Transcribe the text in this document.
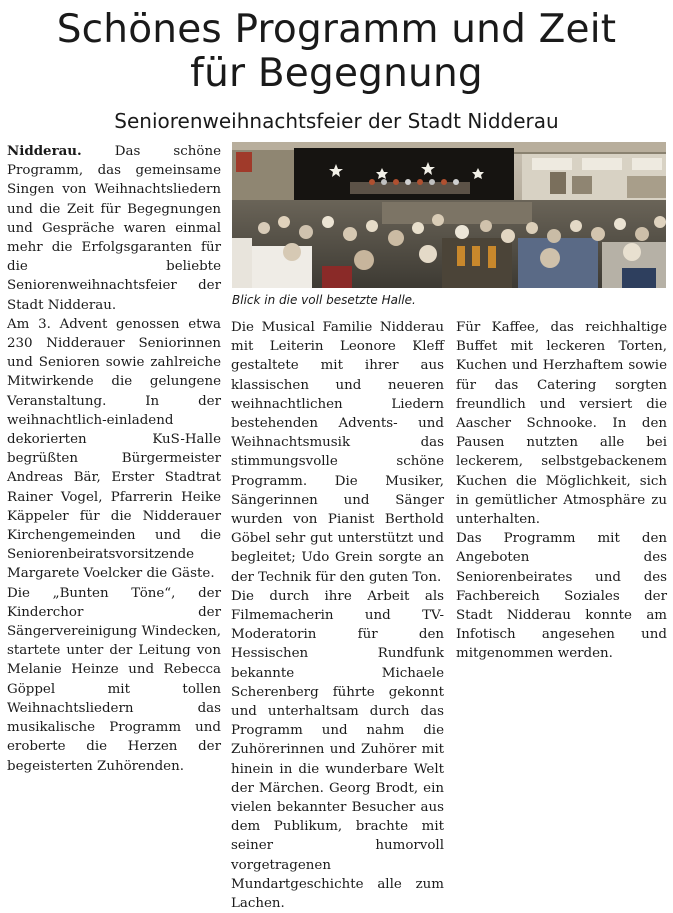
Schönes Programm und Zeit
für Begegnung
Seniorenweihnachtsfeier der Stadt Nidderau

Nidderau. Das schöne Programm, das gemeinsame Singen von Weihnachtsliedern und die Zeit für Begegnungen und Gespräche waren einmal mehr die Erfolgsgaranten für die beliebte Seniorenweihnachtsfeier der Stadt Nidderau.

Am 3. Advent genossen etwa 230 Nidderauer Seniorinnen und Senioren sowie zahlreiche Mitwirkende die gelungene Veranstaltung. In der weihnachtlich-einladend dekorierten KuS-Halle begrüßten Bürgermeister Andreas Bär, Erster Stadtrat Rainer Vogel, Pfarrerin Heike Käppeler für die Nidderauer Kirchengemeinden und die Seniorenbeiratsvorsitzende Margarete Voelcker die Gäste.

Die „Bunten Töne“, der Kinderchor der Sängervereinigung Windecken, startete unter der Leitung von Melanie Heinze und Rebecca Göppel mit tollen Weihnachtsliedern das musikalische Programm und eroberte die Herzen der begeisterten Zuhörenden.

Blick in die voll besetzte Halle.

Die Musical Familie Nidderau mit Leiterin Leonore Kleff gestaltete mit ihrer aus klassischen und neueren weihnachtlichen Liedern bestehenden Advents- und Weihnachtsmusik das stimmungsvolle schöne Programm. Die Musiker, Sängerinnen und Sänger wurden von Pianist Berthold Göbel sehr gut unterstützt und begleitet; Udo Grein sorgte an der Technik für den guten Ton.

Die durch ihre Arbeit als Filmemacherin und TV-Moderatorin für den Hessischen Rundfunk bekannte Michaele Scherenberg führte gekonnt und unterhaltsam durch das Programm und nahm die Zuhörerinnen und Zuhörer mit hinein in die wunderbare Welt der Märchen. Georg Brodt, ein vielen bekannter Besucher aus dem Publikum, brachte mit seiner humorvoll vorgetragenen Mundartgeschichte alle zum Lachen.

Für Kaffee, das reichhaltige Buffet mit leckeren Torten, Kuchen und Herzhaftem sowie für das Catering sorgten freundlich und versiert die Aascher Schnooke. In den Pausen nutzten alle bei leckerem, selbstgebackenem Kuchen die Möglichkeit, sich in gemütlicher Atmosphäre zu unterhalten.

Das Programm mit den Angeboten des Seniorenbeirates und des Fachbereich Soziales der Stadt Nidderau konnte am Infotisch angesehen und mitgenommen werden.
